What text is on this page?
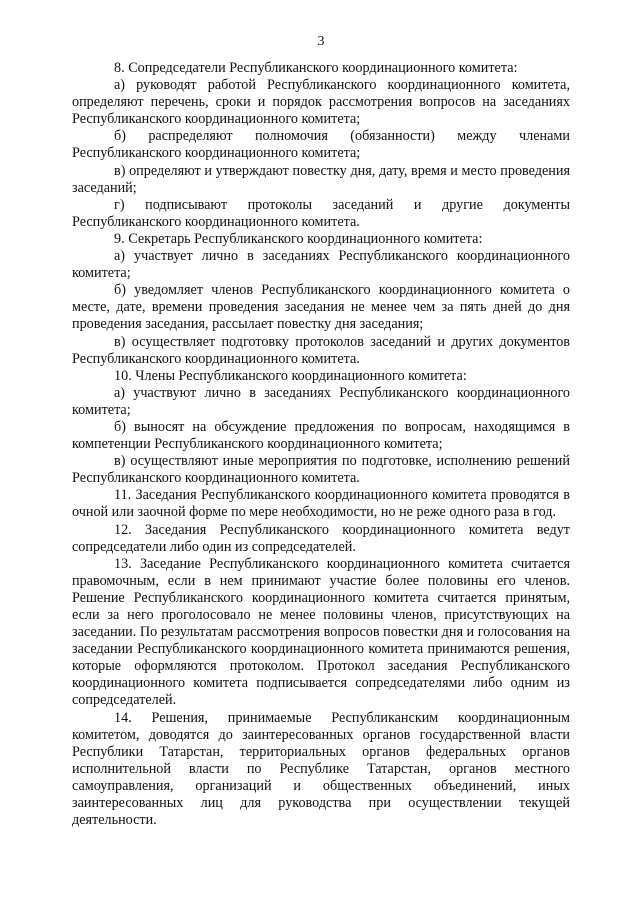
3

8. Сопредседатели Республиканского координационного комитета:

а) руководят работой Республиканского координационного комитета, определяют перечень, сроки и порядок рассмотрения вопросов на заседаниях Республиканского координационного комитета;

б) распределяют полномочия (обязанности) между членами Республиканского координационного комитета;

в) определяют и утверждают повестку дня, дату, время и место проведения заседаний;

г) подписывают протоколы заседаний и другие документы Республиканского координационного комитета.

9. Секретарь Республиканского координационного комитета:

а) участвует лично в заседаниях Республиканского координационного комитета;

б) уведомляет членов Республиканского координационного комитета о месте, дате, времени проведения заседания не менее чем за пять дней до дня проведения заседания, рассылает повестку дня заседания;

в) осуществляет подготовку протоколов заседаний и других документов Республиканского координационного комитета.

10. Члены Республиканского координационного комитета:

а) участвуют лично в заседаниях Республиканского координационного комитета;

б) выносят на обсуждение предложения по вопросам, находящимся в компетенции Республиканского координационного комитета;

в) осуществляют иные мероприятия по подготовке, исполнению решений Республиканского координационного комитета.

11. Заседания Республиканского координационного комитета проводятся в очной или заочной форме по мере необходимости, но не реже одного раза в год.

12. Заседания Республиканского координационного комитета ведут сопредседатели либо один из сопредседателей.

13. Заседание Республиканского координационного комитета считается правомочным, если в нем принимают участие более половины его членов. Решение Республиканского координационного комитета считается принятым, если за него проголосовало не менее половины членов, присутствующих на заседании. По результатам рассмотрения вопросов повестки дня и голосования на заседании Республиканского координационного комитета принимаются решения, которые оформляются протоколом. Протокол заседания Республиканского координационного комитета подписывается сопредседателями либо одним из сопредседателей.

14. Решения, принимаемые Республиканским координационным комитетом, доводятся до заинтересованных органов государственной власти Республики Татарстан, территориальных органов федеральных органов исполнительной власти по Республике Татарстан, органов местного самоуправления, организаций и общественных объединений, иных заинтересованных лиц для руководства при осуществлении текущей деятельности.
